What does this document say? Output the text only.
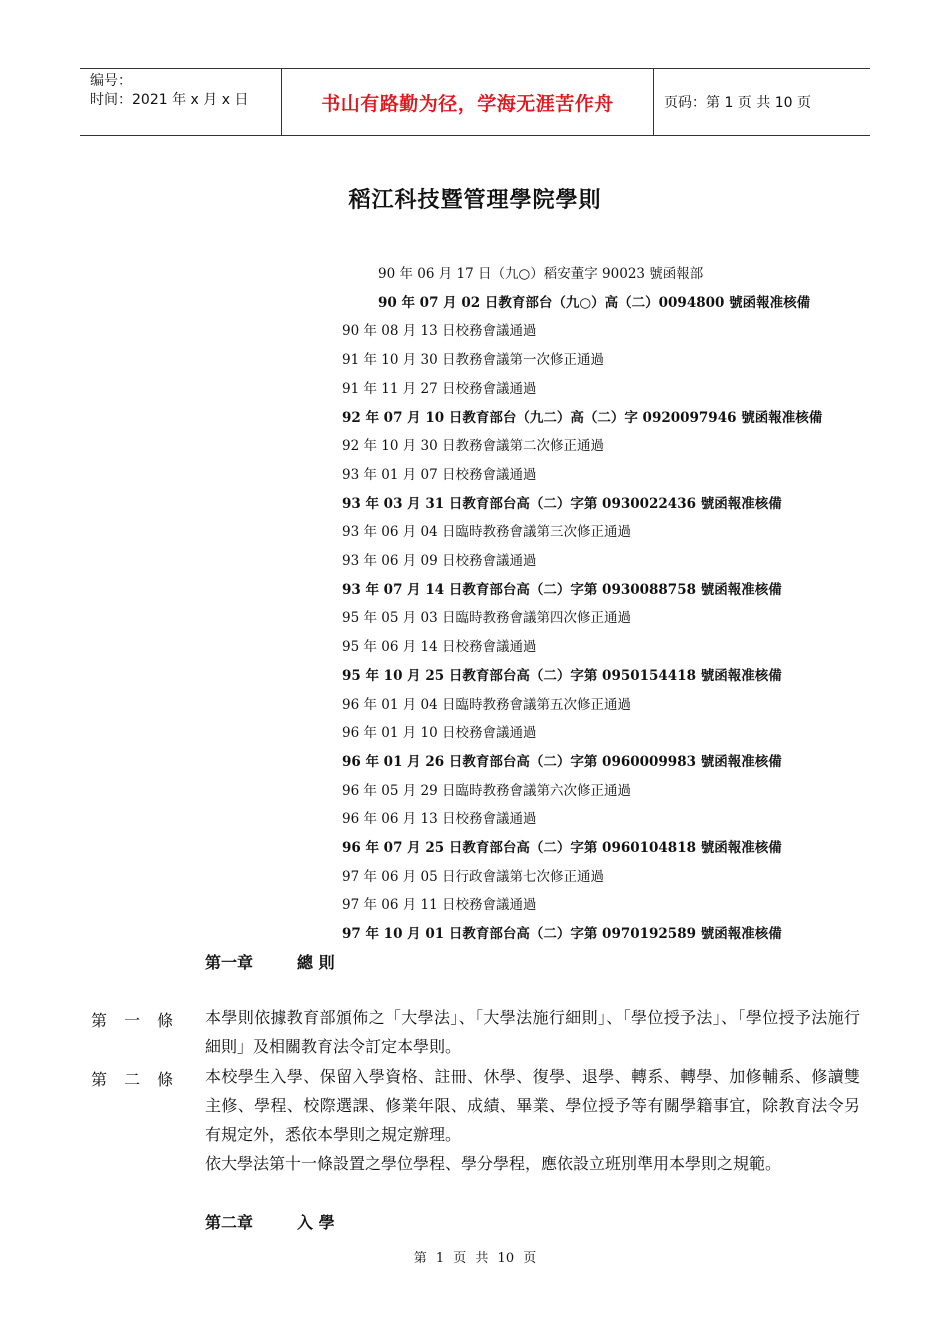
编号：
时间：2021 年 x 月 x 日	书山有路勤为径，学海无涯苦作舟	页码：第 1 页 共 10 页
稻江科技暨管理學院學則
90 年 06 月 17 日（九○）稻安董字 90023 號函報部
90 年 07 月 02 日教育部台（九○）高（二）0094800 號函報准核備
90 年 08 月 13 日校務會議通過
91 年 10 月 30 日教務會議第一次修正通過
91 年 11 月 27 日校務會議通過
92 年 07 月 10 日教育部台（九二）高（二）字 0920097946 號函報准核備
92 年 10 月 30 日教務會議第二次修正通過
93 年 01 月 07 日校務會議通過
93 年 03 月 31 日教育部台高（二）字第 0930022436 號函報准核備
93 年 06 月 04 日臨時教務會議第三次修正通過
93 年 06 月 09 日校務會議通過
93 年 07 月 14 日教育部台高（二）字第 0930088758 號函報准核備
95 年 05 月 03 日臨時教務會議第四次修正通過
95 年 06 月 14 日校務會議通過
95 年 10 月 25 日教育部台高（二）字第 0950154418 號函報准核備
96 年 01 月 04 日臨時教務會議第五次修正通過
96 年 01 月 10 日校務會議通過
96 年 01 月 26 日教育部台高（二）字第 0960009983 號函報准核備
96 年 05 月 29 日臨時教務會議第六次修正通過
96 年 06 月 13 日校務會議通過
96 年 07 月 25 日教育部台高（二）字第 0960104818 號函報准核備
97 年 06 月 05 日行政會議第七次修正通過
97 年 06 月 11 日校務會議通過
97 年 10 月 01 日教育部台高（二）字第 0970192589 號函報准核備
第一章	總 則
第 一 條 本學則依據教育部頒佈之「大學法」、「大學法施行細則」、「學位授予法」、「學位授予法施行細則」及相關教育法令訂定本學則。
第 二 條 本校學生入學、保留入學資格、註冊、休學、復學、退學、轉系、轉學、加修輔系、修讀雙主修、學程、校際選課、修業年限、成績、畢業、學位授予等有關學籍事宜，除教育法令另有規定外，悉依本學則之規定辦理。
依大學法第十一條設置之學位學程、學分學程，應依設立班別準用本學則之規範。
第二章	入 學
第 1 页 共 10 页
